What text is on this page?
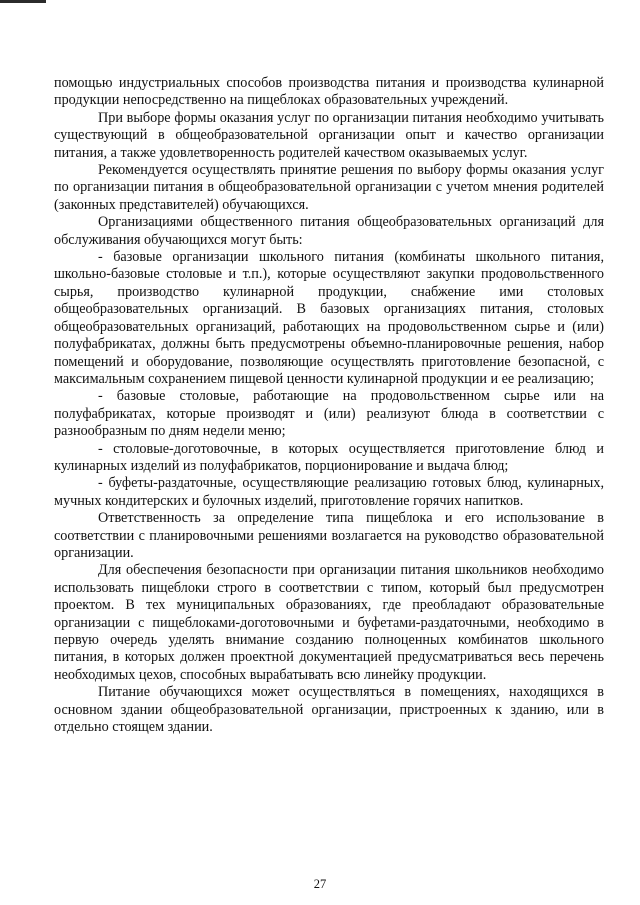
помощью индустриальных способов производства питания и производства кулинарной продукции непосредственно на пищеблоках образовательных учреждений.

При выборе формы оказания услуг по организации питания необходимо учитывать существующий в общеобразовательной организации опыт и качество организации питания, а также удовлетворенность родителей качеством оказываемых услуг.

Рекомендуется осуществлять принятие решения по выбору формы оказания услуг по организации питания в общеобразовательной организации с учетом мнения родителей (законных представителей) обучающихся.

Организациями общественного питания общеобразовательных организаций для обслуживания обучающихся могут быть:

- базовые организации школьного питания (комбинаты школьного питания, школьно-базовые столовые и т.п.), которые осуществляют закупки продовольственного сырья, производство кулинарной продукции, снабжение ими столовых общеобразовательных организаций. В базовых организациях питания, столовых общеобразовательных организаций, работающих на продовольственном сырье и (или) полуфабрикатах, должны быть предусмотрены объемно-планировочные решения, набор помещений и оборудование, позволяющие осуществлять приготовление безопасной, с максимальным сохранением пищевой ценности кулинарной продукции и ее реализацию;

- базовые столовые, работающие на продовольственном сырье или на полуфабрикатах, которые производят и (или) реализуют блюда в соответствии с разнообразным по дням недели меню;

- столовые-доготовочные, в которых осуществляется приготовление блюд и кулинарных изделий из полуфабрикатов, порционирование и выдача блюд;

- буфеты-раздаточные, осуществляющие реализацию готовых блюд, кулинарных, мучных кондитерских и булочных изделий, приготовление горячих напитков.

Ответственность за определение типа пищеблока и его использование в соответствии с планировочными решениями возлагается на руководство образовательной организации.

Для обеспечения безопасности при организации питания школьников необходимо использовать пищеблоки строго в соответствии с типом, который был предусмотрен проектом. В тех муниципальных образованиях, где преобладают образовательные организации с пищеблоками-доготовочными и буфетами-раздаточными, необходимо в первую очередь уделять внимание созданию полноценных комбинатов школьного питания, в которых должен проектной документацией предусматриваться весь перечень необходимых цехов, способных вырабатывать всю линейку продукции.

Питание обучающихся может осуществляться в помещениях, находящихся в основном здании общеобразовательной организации, пристроенных к зданию, или в отдельно стоящем здании.

27
